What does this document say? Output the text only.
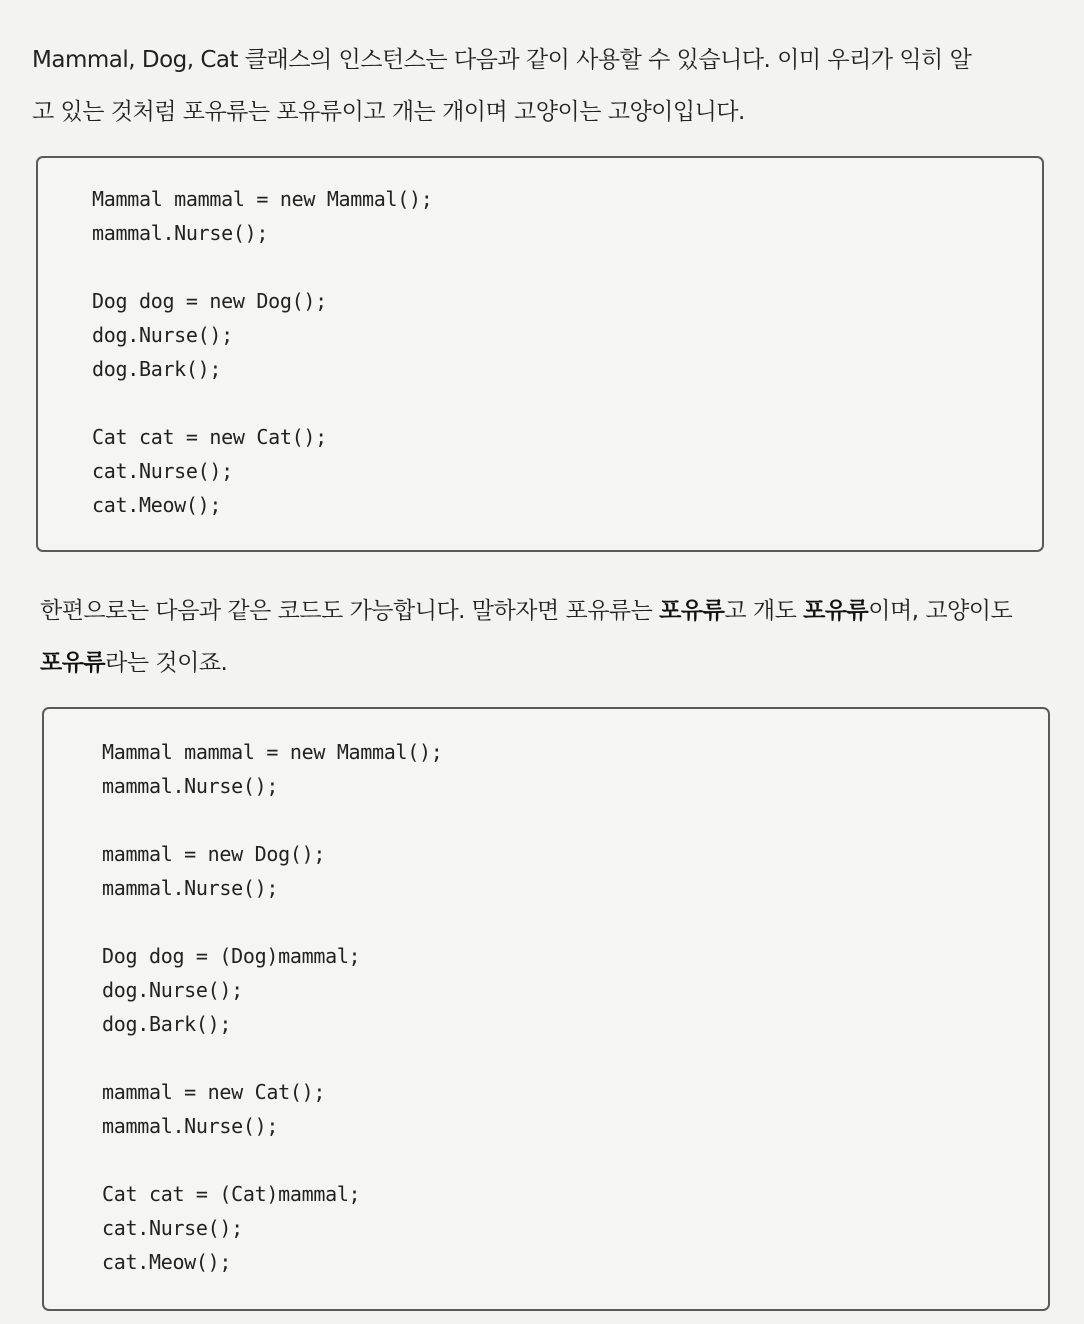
Mammal, Dog, Cat 클래스의 인스턴스는 다음과 같이 사용할 수 있습니다. 이미 우리가 익히 알
고 있는 것처럼 포유류는 포유류이고 개는 개이며 고양이는 고양이입니다.

Mammal mammal = new Mammal();
mammal.Nurse();
Dog dog = new Dog();
dog.Nurse();
dog.Bark();
Cat cat = new Cat();
cat.Nurse();
cat.Meow();

한편으로는 다음과 같은 코드도 가능합니다. 말하자면 포유류는 포유류고 개도 포유류이며, 고양이도
포유류라는 것이죠.

Mammal mammal = new Mammal();
mammal.Nurse();
mammal = new Dog();
mammal.Nurse();
Dog dog = (Dog)mammal;
dog.Nurse();
dog.Bark();
mammal = new Cat();
mammal.Nurse();
Cat cat = (Cat)mammal;
cat.Nurse();
cat.Meow();
